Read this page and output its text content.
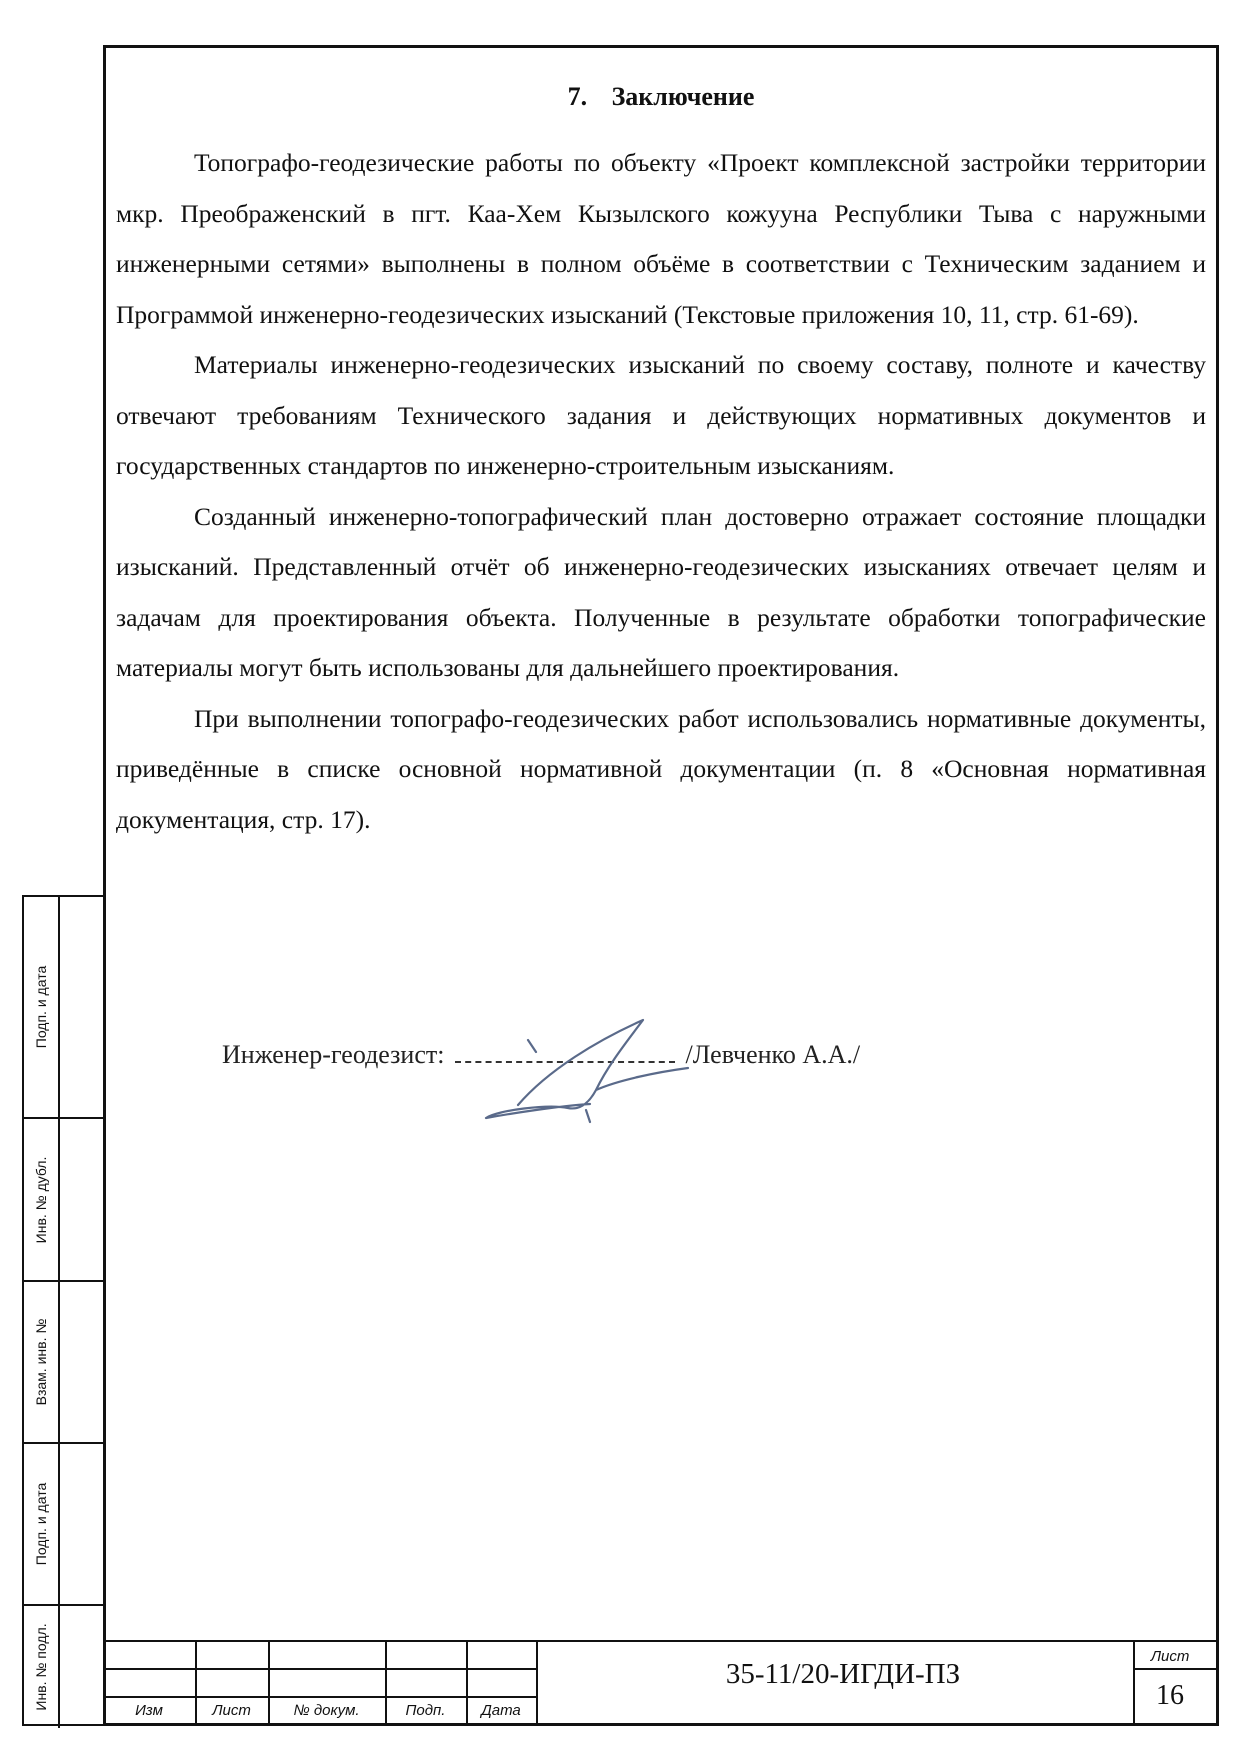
7. Заключение

Топографо-геодезические работы по объекту «Проект комплексной застройки территории мкр. Преображенский в пгт. Каа-Хем Кызылского кожууна Республики Тыва с наружными инженерными сетями» выполнены в полном объёме в соответствии с Техническим заданием и Программой инженерно-геодезических изысканий (Текстовые приложения 10, 11, стр. 61-69).

Материалы инженерно-геодезических изысканий по своему составу, полноте и качеству отвечают требованиям Технического задания и действующих нормативных документов и государственных стандартов по инженерно-строительным изысканиям.

Созданный инженерно-топографический план достоверно отражает состояние площадки изысканий. Представленный отчёт об инженерно-геодезических изысканиях отвечает целям и задачам для проектирования объекта. Полученные в результате обработки топографические материалы могут быть использованы для дальнейшего проектирования.

При выполнении топографо-геодезических работ использовались нормативные документы, приведённые в списке основной нормативной документации (п. 8 «Основная нормативная документация, стр. 17).

Инженер-геодезист:	/Левченко А.А./
Подп. и дата
Инв. № дубл.
Взам. инв. №
Подп. и дата
Инв. № подл.	Изм	Лист	№ докум.	Подп.	Дата
35-11/20-ИГДИ-ПЗ
Лист
16
